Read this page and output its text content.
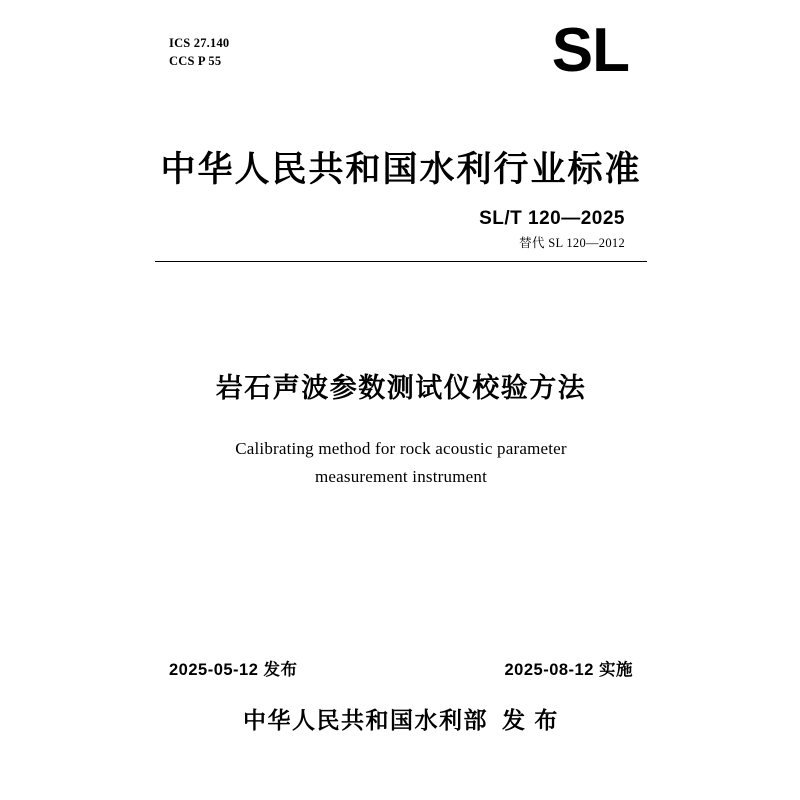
ICS 27.140
CCS P 55	SL
中华人民共和国水利行业标准
SL/T 120—2025
替代 SL 120—2012
岩石声波参数测试仪校验方法
Calibrating method for rock acoustic parameter
measurement instrument
2025-05-12 发布	2025-08-12 实施
中华人民共和国水利部 发 布
